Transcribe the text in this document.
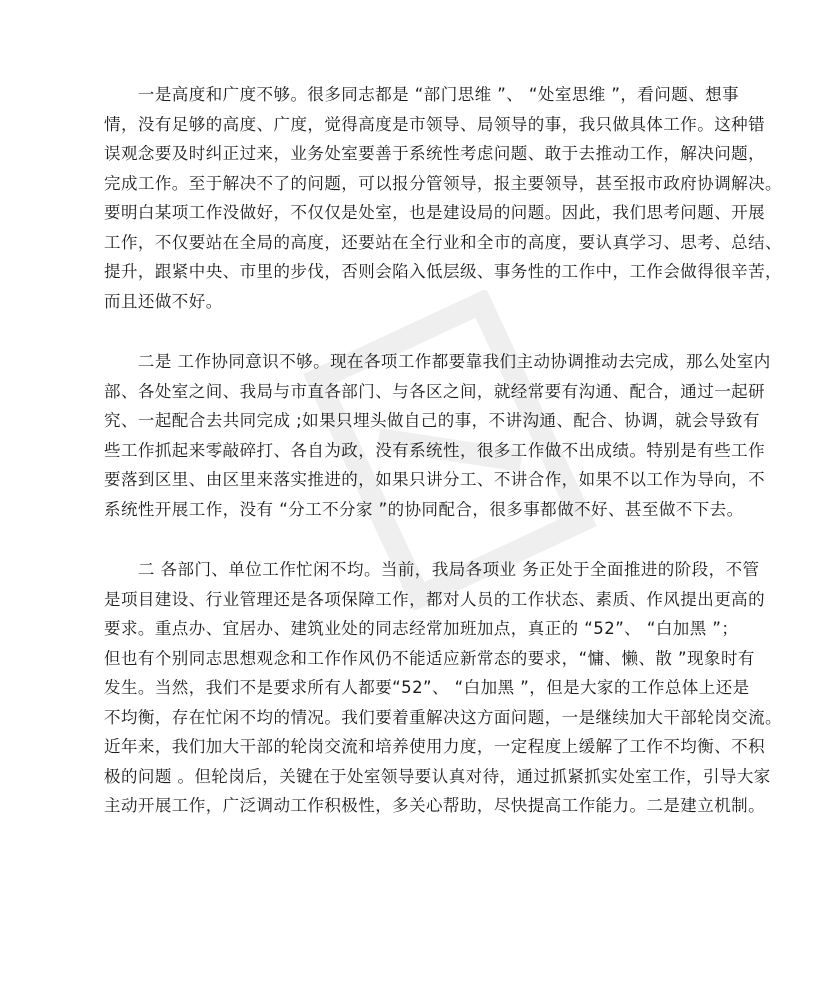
　　一是高度和广度不够。很多同志都是 “部门思维 ”、 “处室思维 ”，看问题、想事
情，没有足够的高度、广度，觉得高度是市领导、局领导的事，我只做具体工作。这种错
误观念要及时纠正过来，业务处室要善于系统性考虑问题、敢于去推动工作，解决问题，
完成工作。至于解决不了的问题，可以报分管领导，报主要领导，甚至报市政府协调解决。
要明白某项工作没做好，不仅仅是处室，也是建设局的问题。因此，我们思考问题、开展
工作，不仅要站在全局的高度，还要站在全行业和全市的高度，要认真学习、思考、总结、
提升，跟紧中央、市里的步伐，否则会陷入低层级、事务性的工作中，工作会做得很辛苦，
而且还做不好。

　　二是 工作协同意识不够。现在各项工作都要靠我们主动协调推动去完成，那么处室内
部、各处室之间、我局与市直各部门、与各区之间，就经常要有沟通、配合，通过一起研
究、一起配合去共同完成 ;如果只埋头做自己的事，不讲沟通、配合、协调，就会导致有
些工作抓起来零敲碎打、各自为政，没有系统性，很多工作做不出成绩。特别是有些工作
要落到区里、由区里来落实推进的，如果只讲分工、不讲合作，如果不以工作为导向，不
系统性开展工作，没有 “分工不分家 ”的协同配合，很多事都做不好、甚至做不下去。

　　二 各部门、单位工作忙闲不均。当前，我局各项业 务正处于全面推进的阶段，不管
是项目建设、行业管理还是各项保障工作，都对人员的工作状态、素质、作风提出更高的
要求。重点办、宜居办、建筑业处的同志经常加班加点，真正的 “52”、 “白加黑 ”；
但也有个别同志思想观念和工作作风仍不能适应新常态的要求，“慵、懒、散 ”现象时有
发生。当然，我们不是要求所有人都要“52”、 “白加黑 ”，但是大家的工作总体上还是
不均衡，存在忙闲不均的情况。我们要着重解决这方面问题，一是继续加大干部轮岗交流。
近年来，我们加大干部的轮岗交流和培养使用力度，一定程度上缓解了工作不均衡、不积
极的问题 。但轮岗后，关键在于处室领导要认真对待，通过抓紧抓实处室工作，引导大家
主动开展工作，广泛调动工作积极性，多关心帮助，尽快提高工作能力。二是建立机制。
